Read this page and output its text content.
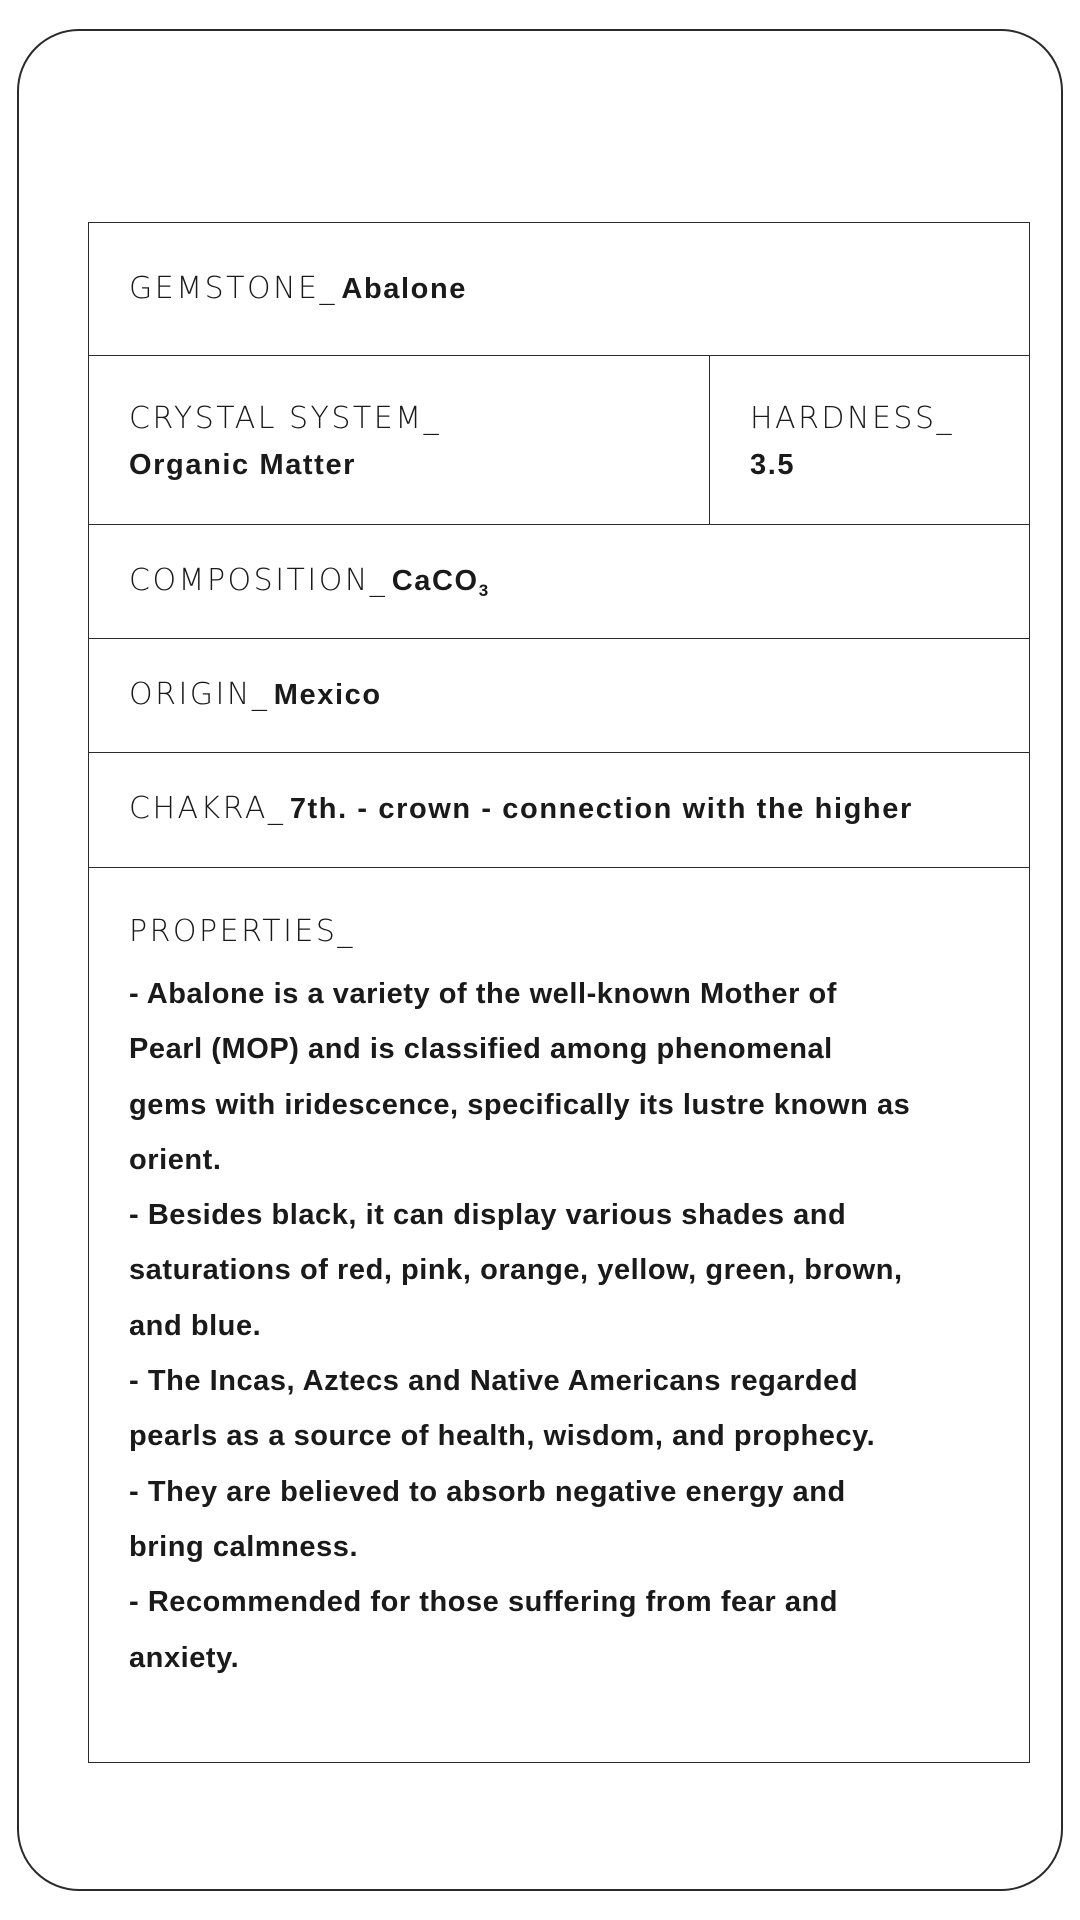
GEMSTONE_ Abalone
CRYSTAL SYSTEM_
Organic Matter
HARDNESS_
3.5
COMPOSITION_ CaCO$_3$
ORIGIN_ Mexico
CHAKRA_ 7th. - crown - connection with the higher
PROPERTIES_
- Abalone is a variety of the well-known Mother of
Pearl (MOP) and is classified among phenomenal
gems with iridescence, specifically its lustre known as
orient.
- Besides black, it can display various shades and
saturations of red, pink, orange, yellow, green, brown,
and blue.
- The Incas, Aztecs and Native Americans regarded
pearls as a source of health, wisdom, and prophecy.
- They are believed to absorb negative energy and
bring calmness.
- Recommended for those suffering from fear and
anxiety.
